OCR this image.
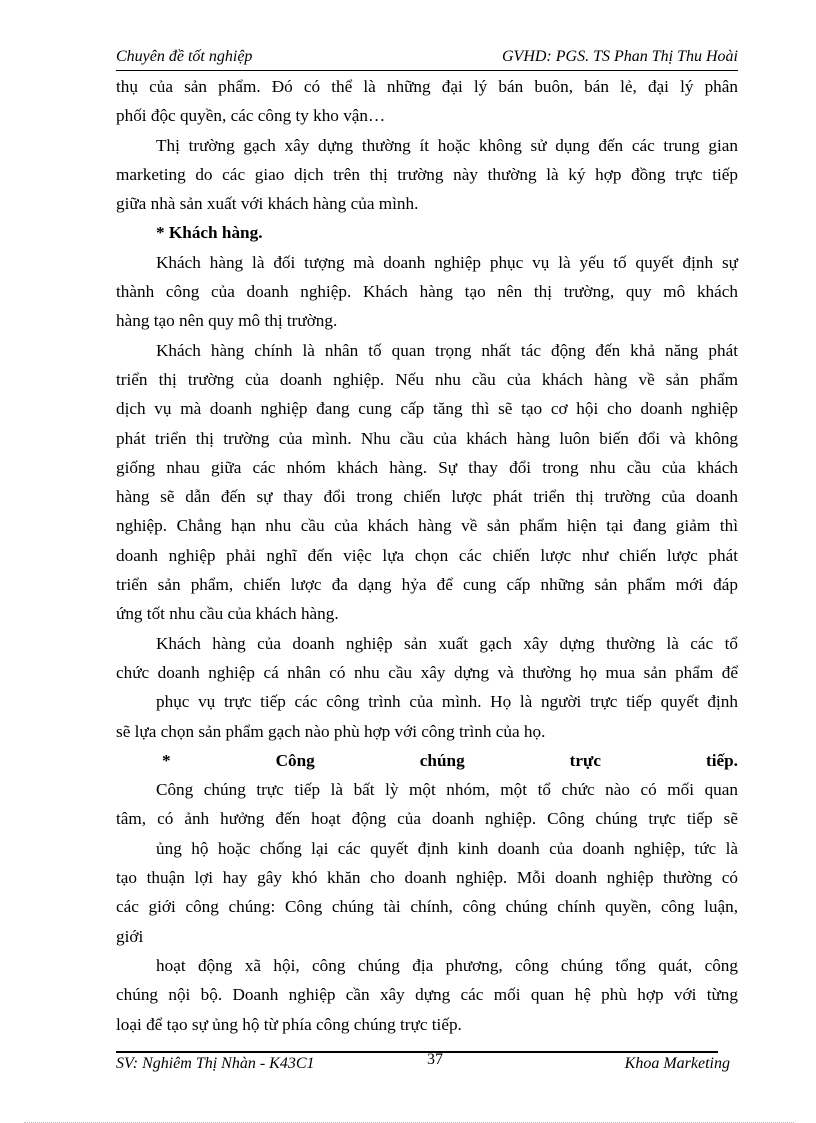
Chuyên đề tốt nghiệp	GVHD: PGS. TS Phan Thị Thu Hoài
thụ của sản phẩm. Đó có thể là những đại lý bán buôn, bán lẻ, đại lý phân
phối độc quyền, các công ty kho vận…
Thị trường gạch xây dựng thường ít hoặc không sử dụng đến các trung gian
marketing do các giao dịch trên thị trường này thường là ký hợp đồng trực tiếp
giữa nhà sản xuất với khách hàng của mình.
* Khách hàng.
Khách hàng là đối tượng mà doanh nghiệp phục vụ là yếu tố quyết định sự
thành công của doanh nghiệp. Khách hàng tạo nên thị trường, quy mô khách
hàng tạo nên quy mô thị trường.
Khách hàng chính là nhân tố quan trọng nhất tác động đến khả năng phát
triển thị trường của doanh nghiệp. Nếu nhu cầu của khách hàng về sản phẩm
dịch vụ mà doanh nghiệp đang cung cấp tăng thì sẽ tạo cơ hội cho doanh nghiệp
phát triển thị trường của mình. Nhu cầu của khách hàng luôn biến đổi và không
giống nhau giữa các nhóm khách hàng. Sự thay đổi trong nhu cầu của khách
hàng sẽ dẫn đến sự thay đổi trong chiến lược phát triển thị trường của doanh
nghiệp. Chẳng hạn nhu cầu của khách hàng về sản phẩm hiện tại đang giảm thì
doanh nghiệp phải nghĩ đến việc lựa chọn các chiến lược như chiến lược phát
triển sản phẩm, chiến lược đa dạng hỷa để cung cấp những sản phẩm mới đáp
ứng tốt nhu cầu của khách hàng.
Khách hàng của doanh nghiệp sản xuất gạch xây dựng thường là các tổ
chức doanh nghiệp cá nhân có nhu cầu xây dựng và thường họ mua sản phẩm để
phục vụ trực tiếp các công trình của mình. Họ là người trực tiếp quyết định
sẽ lựa chọn sản phẩm gạch nào phù hợp với công trình của họ.
*	Công	chúng	trực	tiếp.
Công chúng trực tiếp là bất lỳ một nhóm, một tổ chức nào có mối quan
tâm, có ảnh hưởng đến hoạt động của doanh nghiệp. Công chúng trực tiếp sẽ
ủng hộ hoặc chống lại các quyết định kinh doanh của doanh nghiệp, tức là
tạo thuận lợi hay gây khó khăn cho doanh nghiệp. Mỗi doanh nghiệp thường có
các giới công chúng: Công chúng tài chính, công chúng chính quyền, công luận,
giới
hoạt động xã hội, công chúng địa phương, công chúng tổng quát, công
chúng nội bộ. Doanh nghiệp cần xây dựng các mối quan hệ phù hợp với từng
loại để tạo sự ủng hộ từ phía công chúng trực tiếp.
SV: Nghiêm Thị Nhàn - K43C1	37	Khoa Marketing
